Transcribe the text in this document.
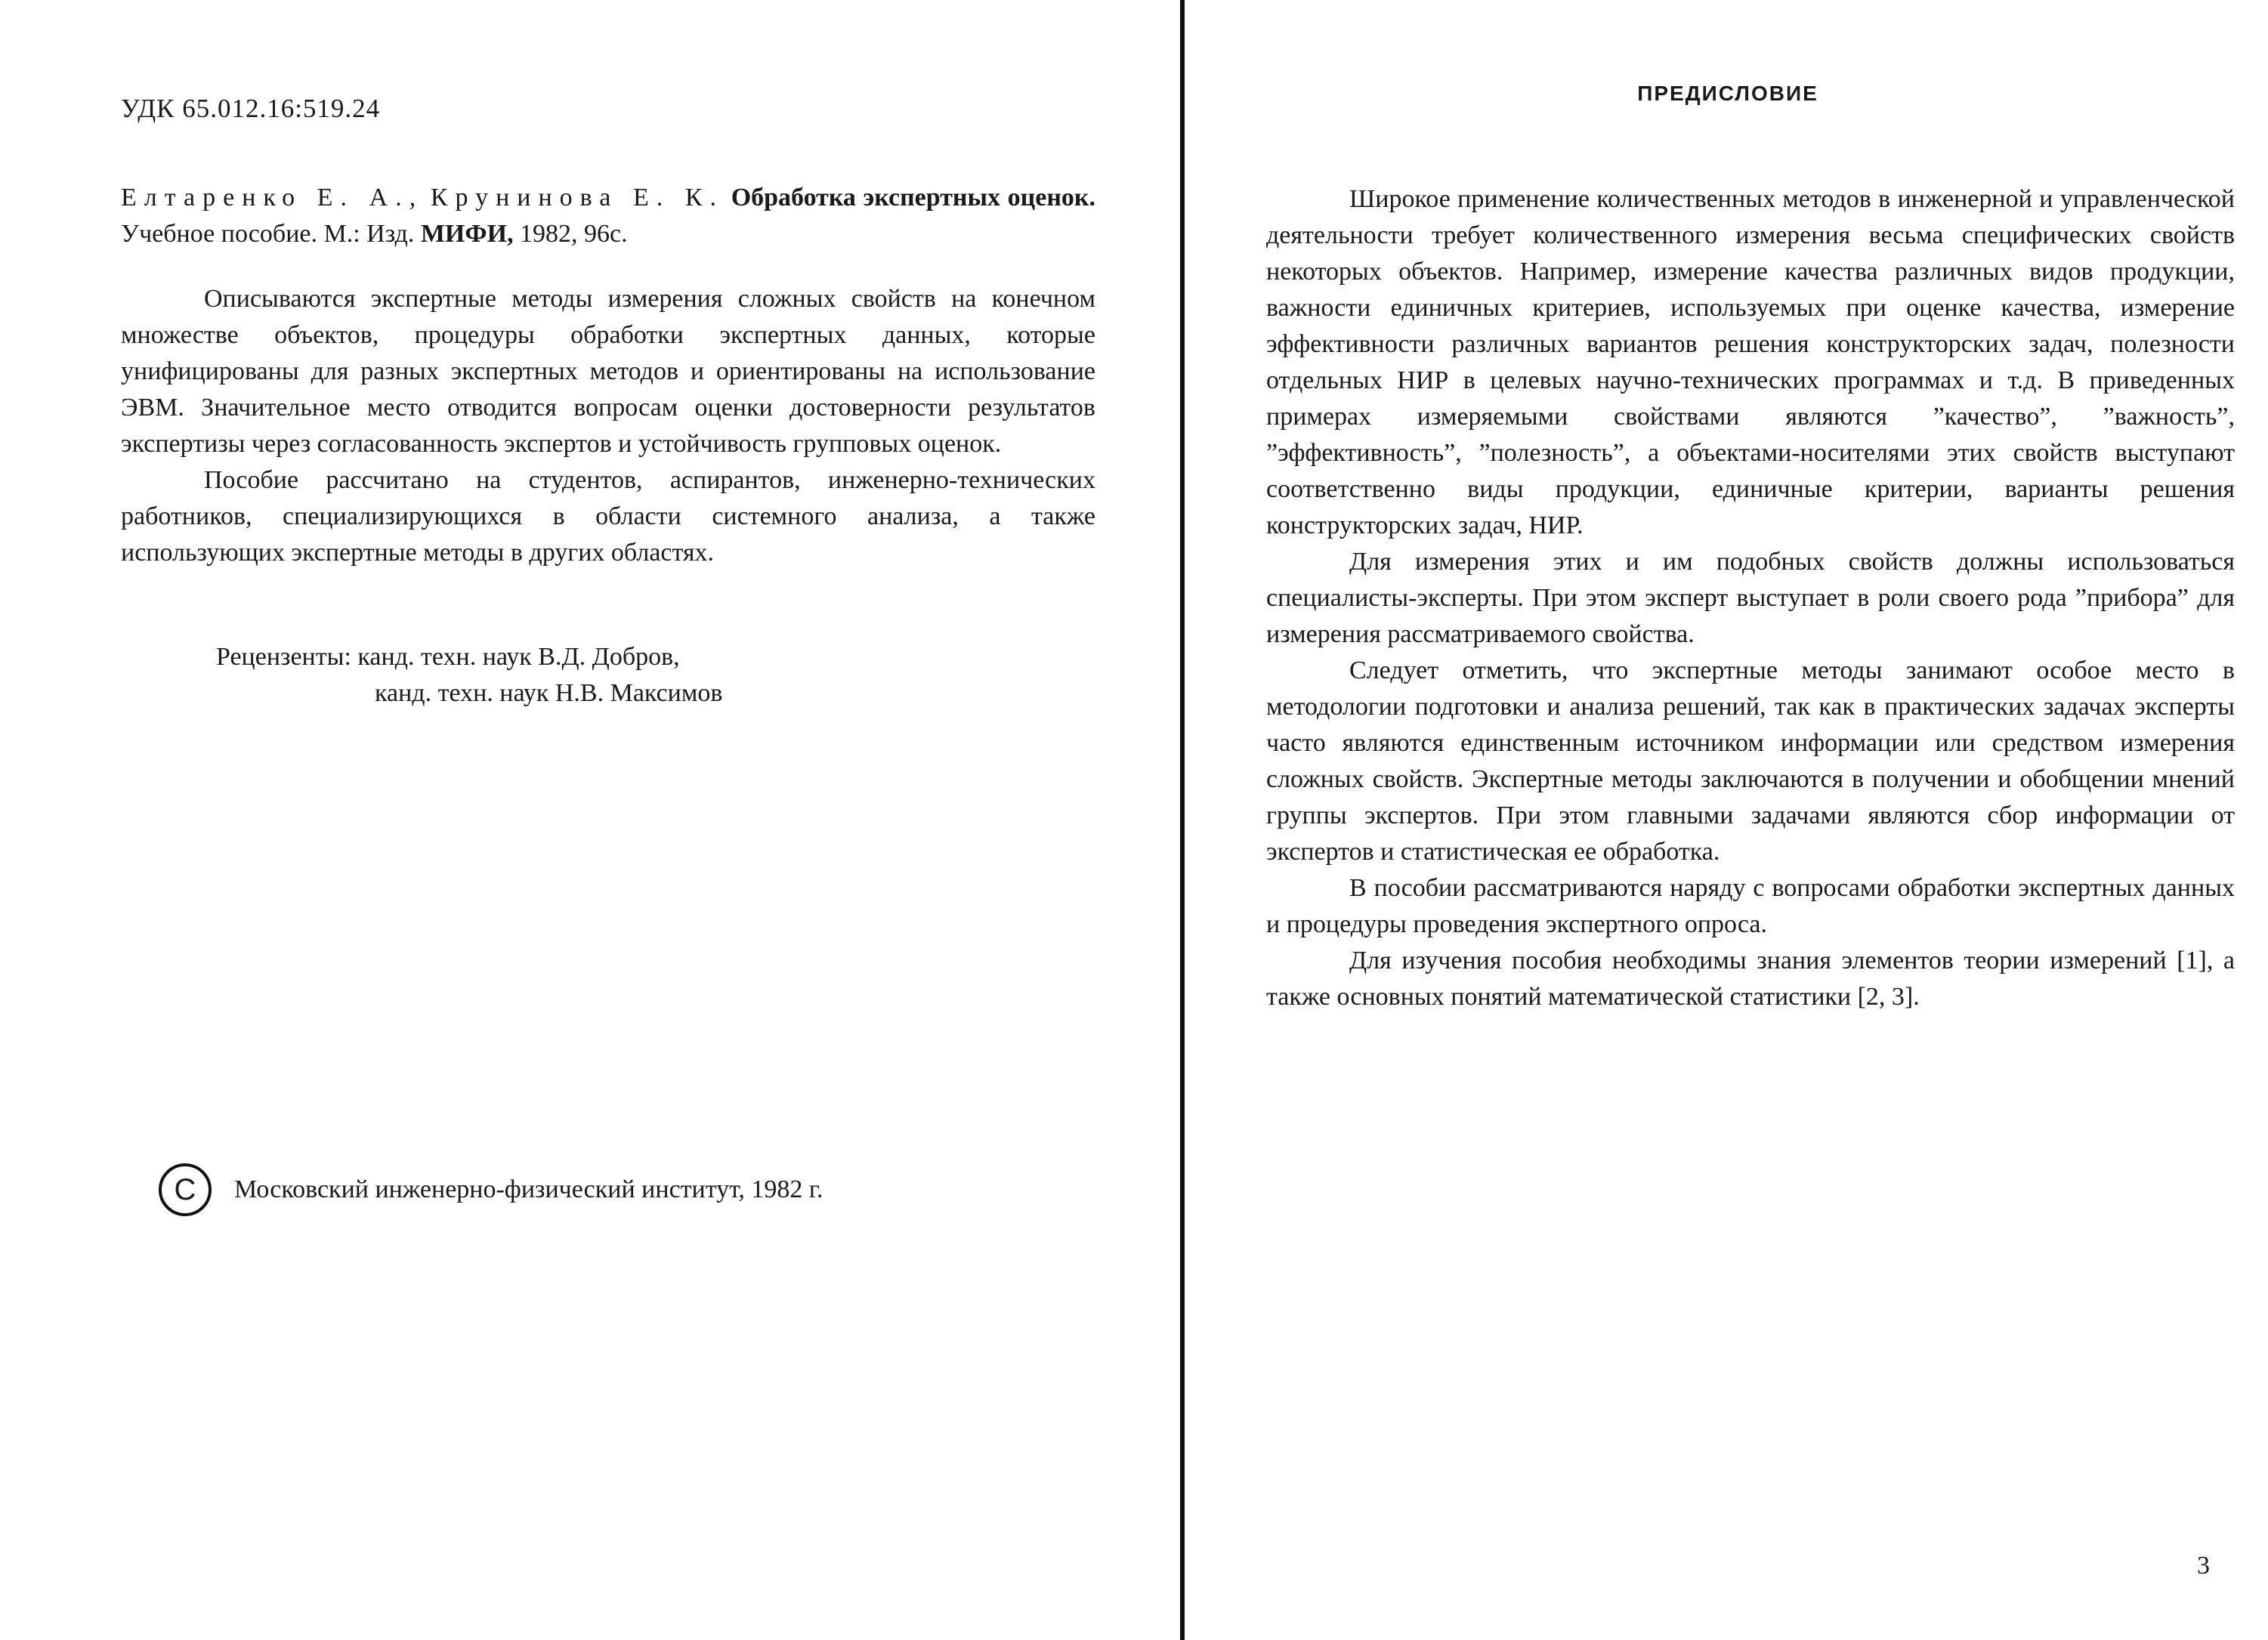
УДК 65.012.16:519.24
Елтаренко Е. А., Крунинова Е. К. Обработка экспертных оценок. Учебное пособие. М.: Изд. МИФИ, 1982, 96с.

Описываются экспертные методы измерения сложных свойств на конечном множестве объектов, процедуры обработки экспертных данных, которые унифицированы для разных экспертных методов и ориентированы на использование ЭВМ. Значительное место отводится вопросам оценки достоверности результатов экспертизы через согласованность экспертов и устойчивость групповых оценок.

Пособие рассчитано на студентов, аспирантов, инженерно-технических работников, специализирующихся в области системного анализа, а также использующих экспертные методы в других областях.

Рецензенты: канд. техн. наук В.Д. Добров,
канд. техн. наук Н.В. Максимов
С	Московский инженерно-физический институт, 1982 г.
ПРЕДИСЛОВИЕ

Широкое применение количественных методов в инженерной и управленческой деятельности требует количественного измерения весьма специфических свойств некоторых объектов. Например, измерение качества различных видов продукции, важности единичных критериев, используемых при оценке качества, измерение эффективности различных вариантов решения конструкторских задач, полезности отдельных НИР в целевых научно-технических программах и т.д. В приведенных примерах измеряемыми свойствами являются ”качество”, ”важность”, ”эффективность”, ”полезность”, а объектами-носителями этих свойств выступают соответственно виды продукции, единичные критерии, варианты решения конструкторских задач, НИР.

Для измерения этих и им подобных свойств должны использоваться специалисты-эксперты. При этом эксперт выступает в роли своего рода ”прибора” для измерения рассматриваемого свойства.

Следует отметить, что экспертные методы занимают особое место в методологии подготовки и анализа решений, так как в практических задачах эксперты часто являются единственным источником информации или средством измерения сложных свойств. Экспертные методы заключаются в получении и обобщении мнений группы экспертов. При этом главными задачами являются сбор информации от экспертов и статистическая ее обработка.

В пособии рассматриваются наряду с вопросами обработки экспертных данных и процедуры проведения экспертного опроса.

Для изучения пособия необходимы знания элементов теории измерений [1], а также основных понятий математической статистики [2, 3].

3
